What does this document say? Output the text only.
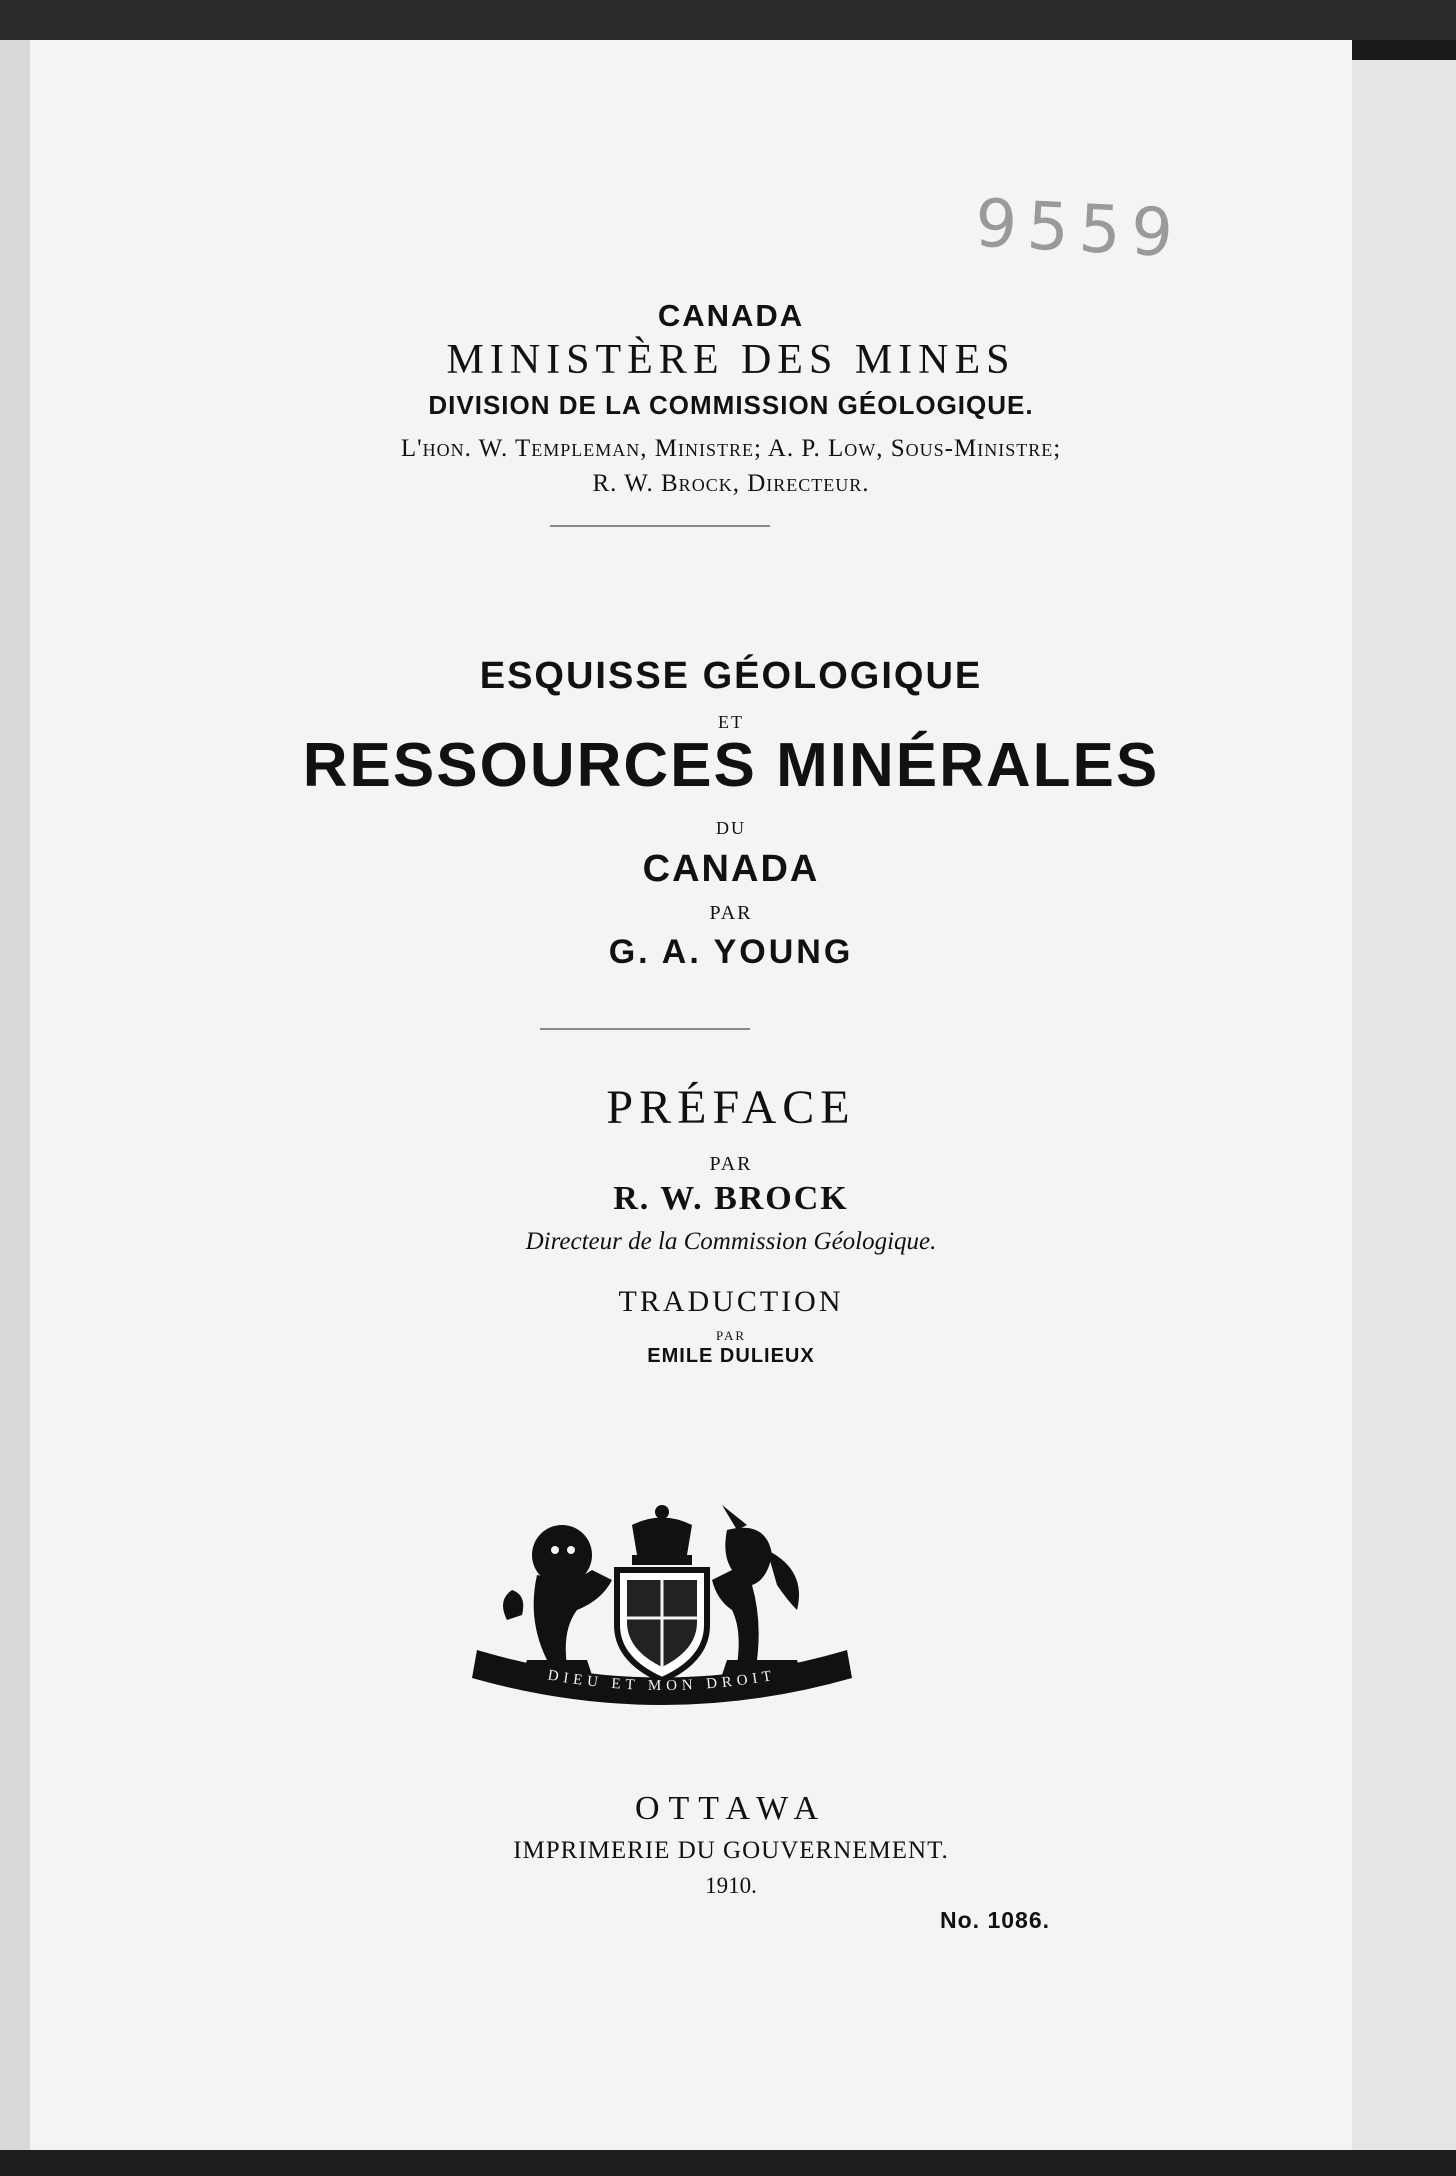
9559
CANADA
MINISTÈRE DES MINES
DIVISION DE LA COMMISSION GÉOLOGIQUE.
L'hon. W. Templeman, Ministre; A. P. Low, Sous-Ministre;
R. W. Brock, Directeur.
ESQUISSE GÉOLOGIQUE
ET
RESSOURCES MINÉRALES
DU
CANADA
PAR
G. A. YOUNG
PRÉFACE
PAR
R. W. BROCK
Directeur de la Commission Géologique.
TRADUCTION
PAR
EMILE DULIEUX
DIEU ET MON DROIT
OTTAWA
IMPRIMERIE DU GOUVERNEMENT.
1910.
No. 1086.
